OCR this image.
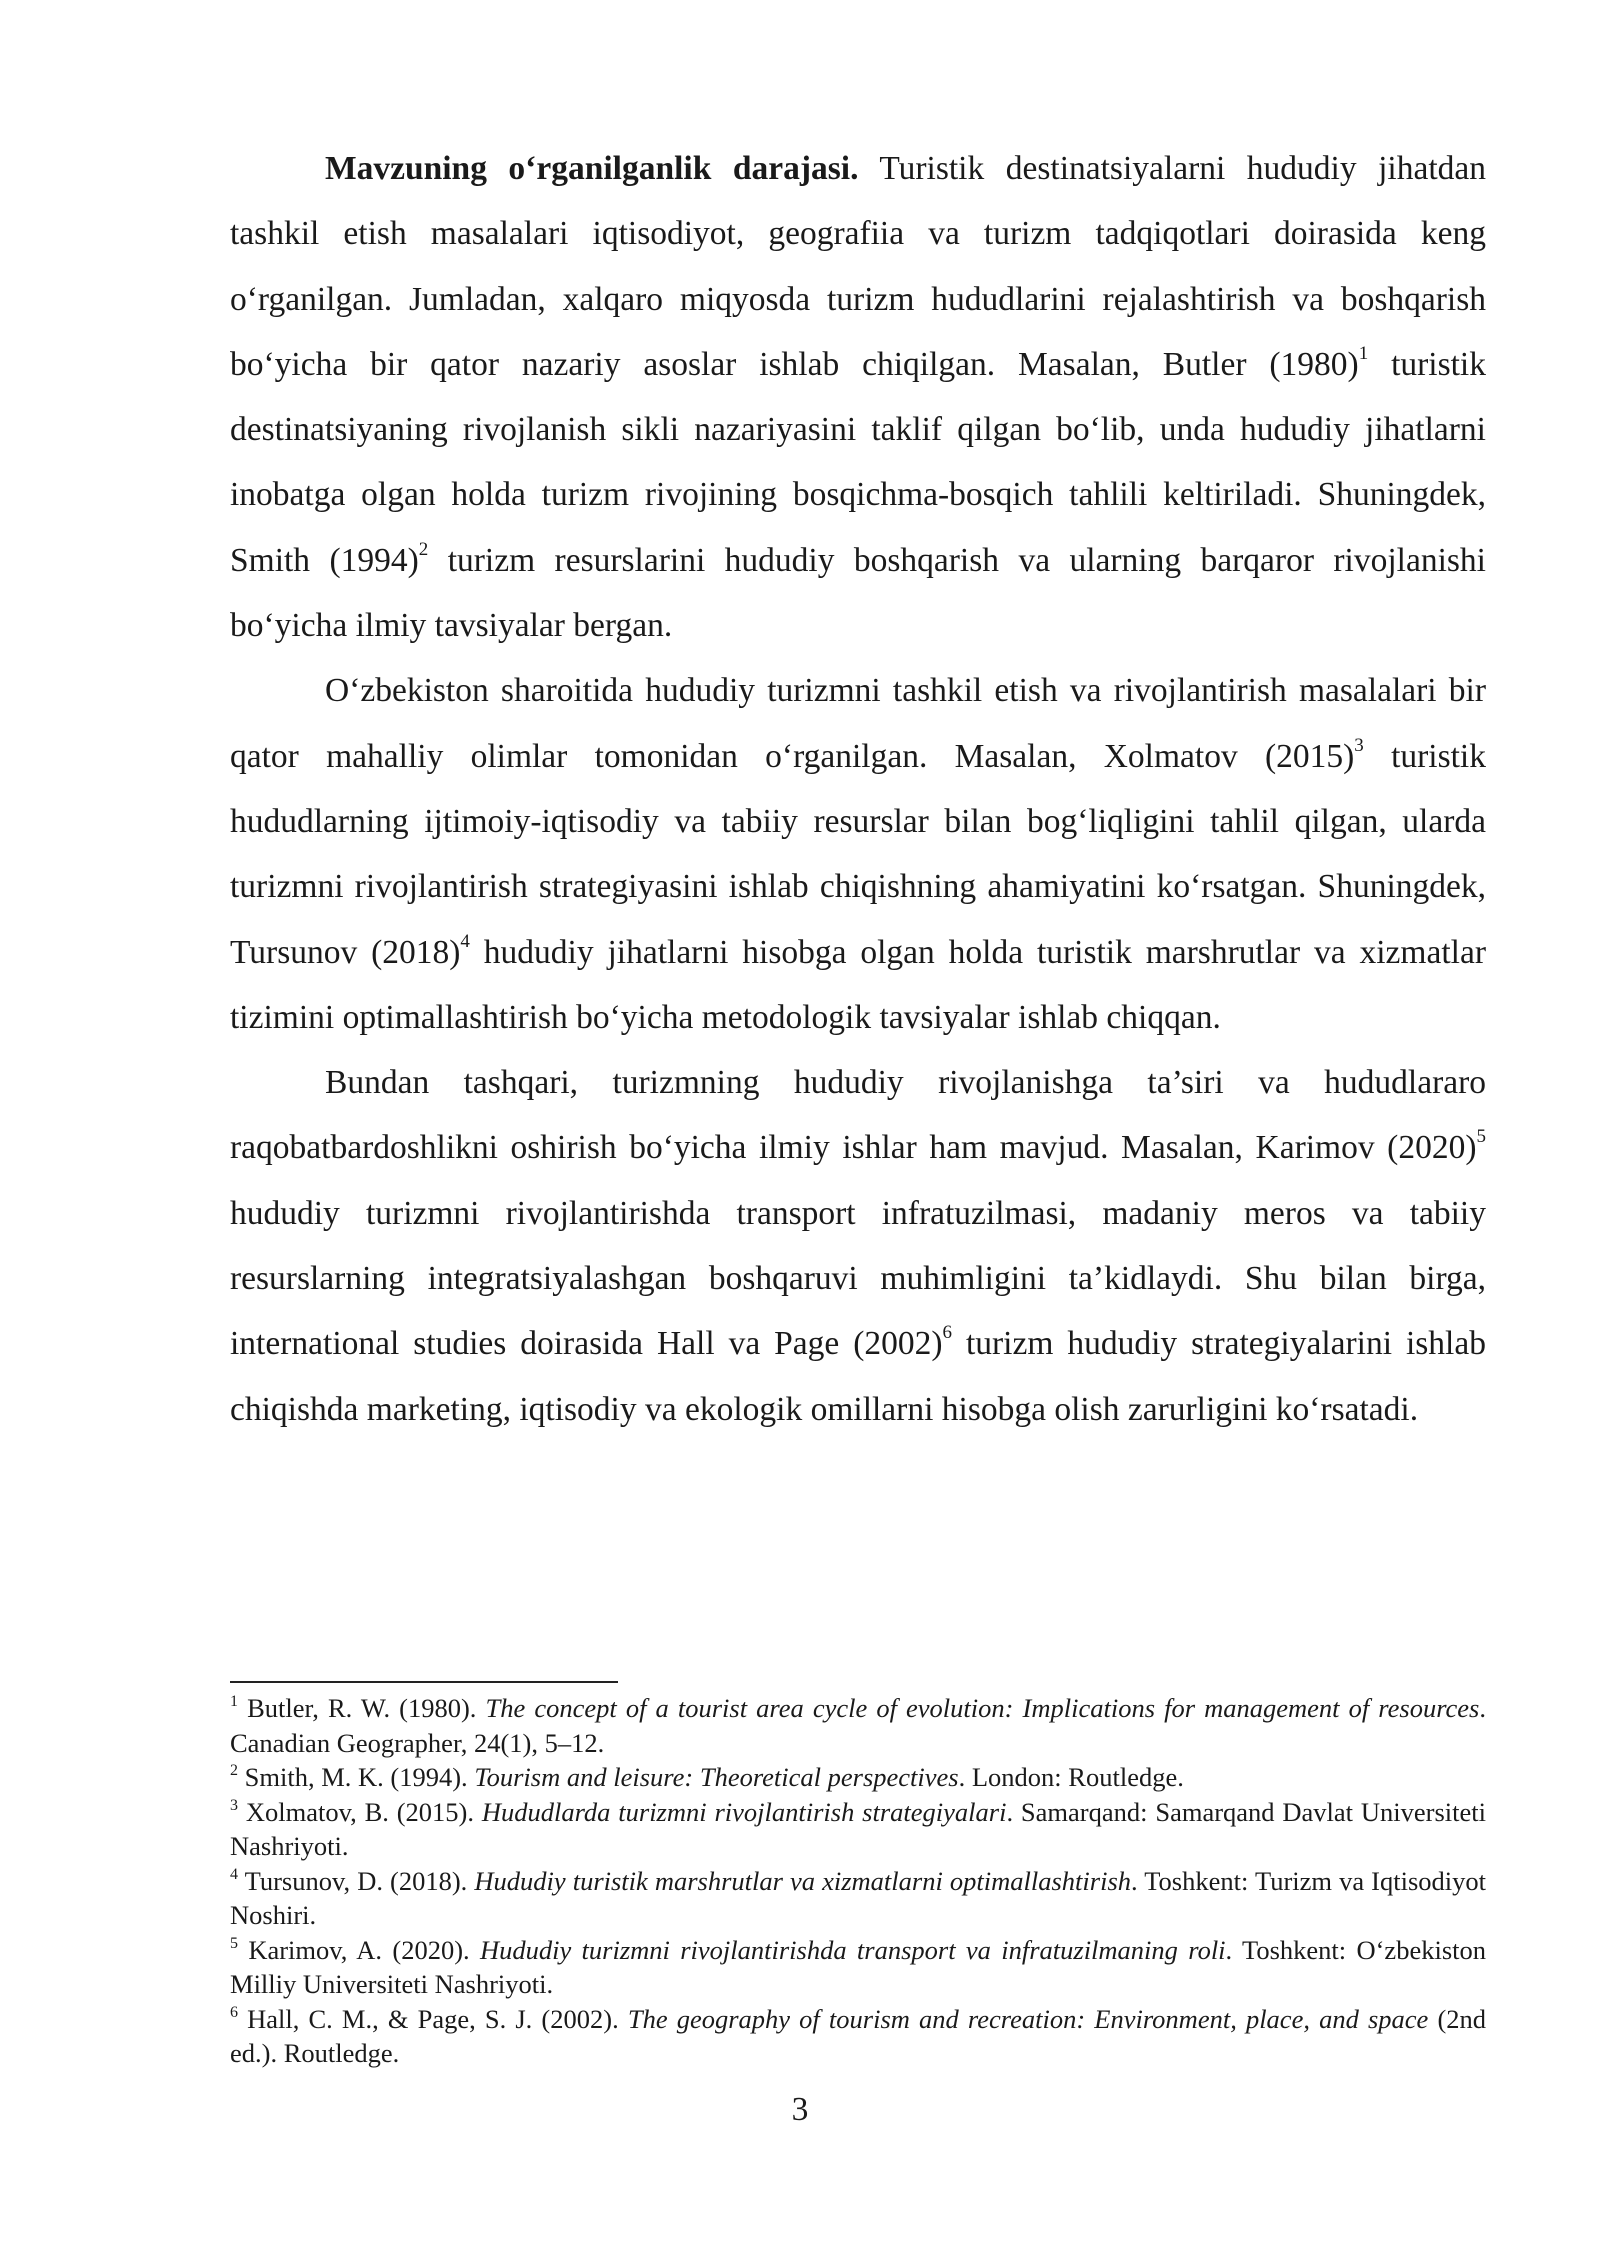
Mavzuning o‘rganilganlik darajasi. Turistik destinatsiyalarni hududiy jihatdan tashkil etish masalalari iqtisodiyot, geografiia va turizm tadqiqotlari doirasida keng o‘rganilgan. Jumladan, xalqaro miqyosda turizm hududlarini rejalashtirish va boshqarish bo‘yicha bir qator nazariy asoslar ishlab chiqilgan. Masalan, Butler $(1980)^1$ turistik destinatsiyaning rivojlanish sikli nazariyasini taklif qilgan bo‘lib, unda hududiy jihatlarni inobatga olgan holda turizm rivojining bosqichma-bosqich tahlili keltiriladi. Shuningdek, Smith $(1994)^2$ turizm resurslarini hududiy boshqarish va ularning barqaror rivojlanishi bo‘yicha ilmiy tavsiyalar bergan.

O‘zbekiston sharoitida hududiy turizmni tashkil etish va rivojlantirish masalalari bir qator mahalliy olimlar tomonidan o‘rganilgan. Masalan, Xolmatov $(2015)^3$ turistik hududlarning ijtimoiy-iqtisodiy va tabiiy resurslar bilan bog‘liqligini tahlil qilgan, ularda turizmni rivojlantirish strategiyasini ishlab chiqishning ahamiyatini ko‘rsatgan. Shuningdek, Tursunov $(2018)^4$ hududiy jihatlarni hisobga olgan holda turistik marshrutlar va xizmatlar tizimini optimallashtirish bo‘yicha metodologik tavsiyalar ishlab chiqqan.

Bundan tashqari, turizmning hududiy rivojlanishga ta’siri va hududlararo raqobatbardoshlikni oshirish bo‘yicha ilmiy ishlar ham mavjud. Masalan, Karimov $(2020)^5$ hududiy turizmni rivojlantirishda transport infratuzilmasi, madaniy meros va tabiiy resurslarning integratsiyalashgan boshqaruvi muhimligini ta’kidlaydi. Shu bilan birga, international studies doirasida Hall va Page $(2002)^6$ turizm hududiy strategiyalarini ishlab chiqishda marketing, iqtisodiy va ekologik omillarni hisobga olish zarurligini ko‘rsatadi.

$^1$ Butler, R. W. (1980). The concept of a tourist area cycle of evolution: Implications for management of resources. Canadian Geographer, 24(1), 5–12.

$^2$ Smith, M. K. (1994). Tourism and leisure: Theoretical perspectives. London: Routledge.

$^3$ Xolmatov, B. (2015). Hududlarda turizmni rivojlantirish strategiyalari. Samarqand: Samarqand Davlat Universiteti Nashriyoti.

$^4$ Tursunov, D. (2018). Hududiy turistik marshrutlar va xizmatlarni optimallashtirish. Toshkent: Turizm va Iqtisodiyot Noshiri.

$^5$ Karimov, A. (2020). Hududiy turizmni rivojlantirishda transport va infratuzilmaning roli. Toshkent: O‘zbekiston Milliy Universiteti Nashriyoti.

$^6$ Hall, C. M., & Page, S. J. (2002). The geography of tourism and recreation: Environment, place, and space (2nd ed.). Routledge.

3
